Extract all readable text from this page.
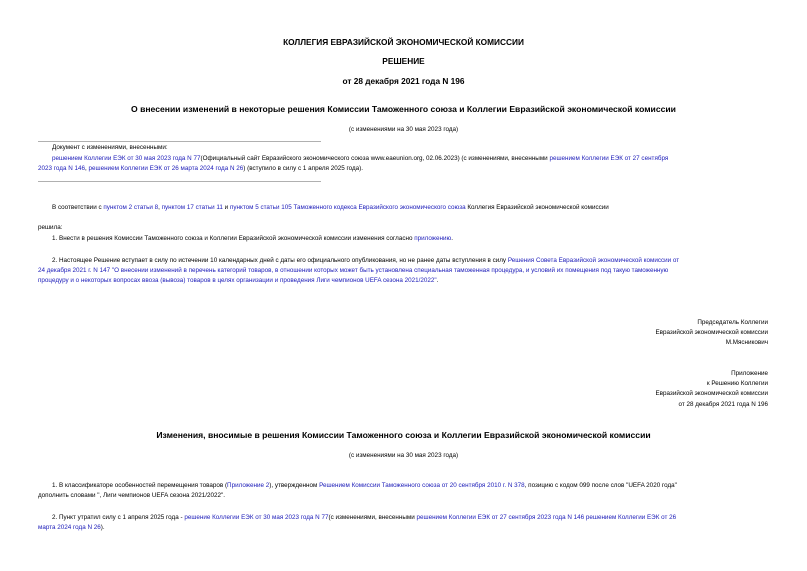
КОЛЛЕГИЯ ЕВРАЗИЙСКОЙ ЭКОНОМИЧЕСКОЙ КОМИССИИ
РЕШЕНИЕ
от 28 декабря 2021 года N 196
О внесении изменений в некоторые решения Комиссии Таможенного союза и Коллегии Евразийской экономической комиссии
(с изменениями на 30 мая 2023 года)
Документ с изменениями, внесенными:
решением Коллегии ЕЭК от 30 мая 2023 года N 77(Официальный сайт Евразийского экономического союза www.eaeunion.org, 02.06.2023) (с изменениями, внесенными решением Коллегии ЕЭК от 27 сентября
2023 года N 146, решением Коллегии ЕЭК от 26 марта 2024 года N 26) (вступило в силу с 1 апреля 2025 года).
В соответствии с пунктом 2 статьи 8, пунктом 17 статьи 11 и пунктом 5 статьи 105 Таможенного кодекса Евразийского экономического союза Коллегия Евразийской экономической комиссии
решила:
1. Внести в решения Комиссии Таможенного союза и Коллегии Евразийской экономической комиссии изменения согласно приложению.
2. Настоящее Решение вступает в силу по истечении 10 календарных дней с даты его официального опубликования, но не ранее даты вступления в силу Решения Совета Евразийской экономической комиссии от
24 декабря 2021 г. N 147 "О внесении изменений в перечень категорий товаров, в отношении которых может быть установлена специальная таможенная процедура, и условий их помещения под такую таможенную
процедуру и о некоторых вопросах ввоза (вывоза) товаров в целях организации и проведения Лиги чемпионов UEFA сезона 2021/2022".
Председатель Коллегии
Евразийской экономической комиссии
М.Мясникович
Приложение
к Решению Коллегии
Евразийской экономической комиссии
от 28 декабря 2021 года N 196
Изменения, вносимые в решения Комиссии Таможенного союза и Коллегии Евразийской экономической комиссии
(с изменениями на 30 мая 2023 года)
1. В классификаторе особенностей перемещения товаров (Приложение 2), утвержденном Решением Комиссии Таможенного союза от 20 сентября 2010 г. N 378, позицию с кодом 099 после слов "UEFA 2020 года"
дополнить словами ", Лиги чемпионов UEFA сезона 2021/2022".
2. Пункт утратил силу с 1 апреля 2025 года - решение Коллегии ЕЭК от 30 мая 2023 года N 77(с изменениями, внесенными решением Коллегии ЕЭК от 27 сентября 2023 года N 146 решением Коллегии ЕЭК от 26
марта 2024 года N 26).
